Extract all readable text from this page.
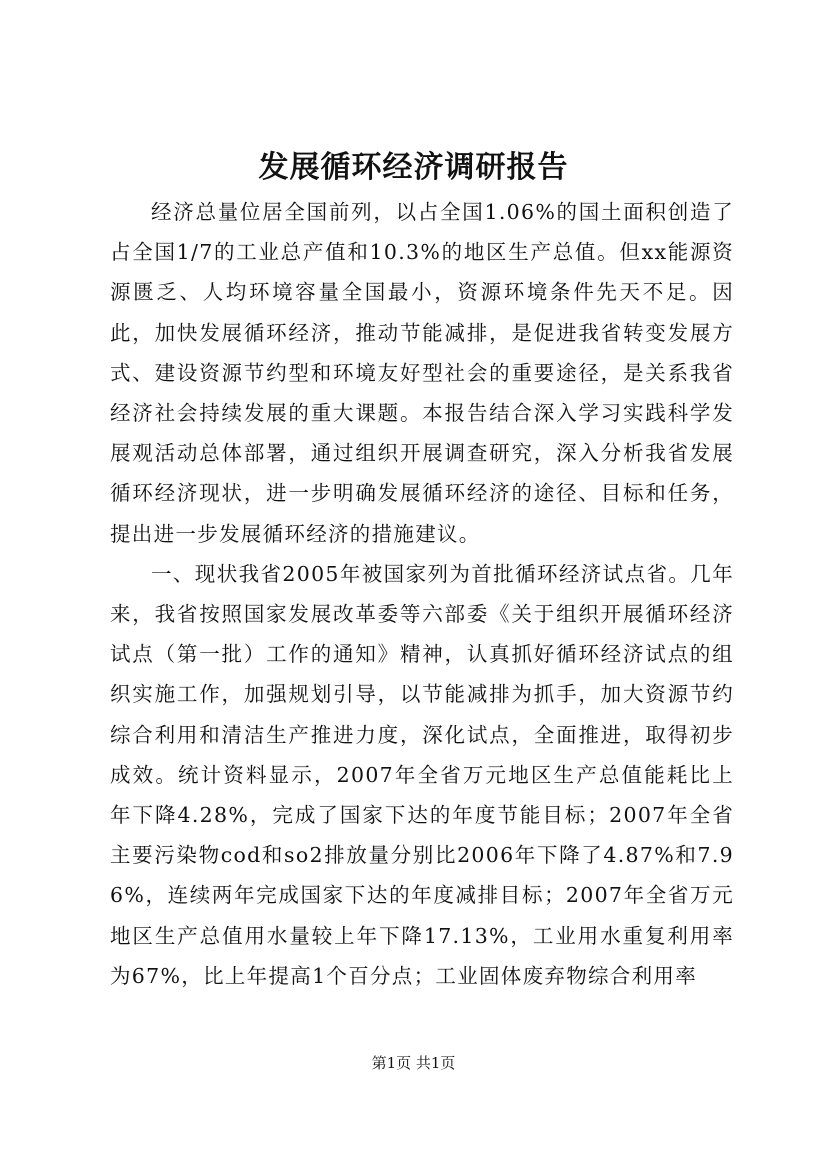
发展循环经济调研报告

经济总量位居全国前列，以占全国1.06%的国土面积创造了占全国1/7的工业总产值和10.3%的地区生产总值。但xx能源资源匮乏、人均环境容量全国最小，资源环境条件先天不足。因此，加快发展循环经济，推动节能减排，是促进我省转变发展方式、建设资源节约型和环境友好型社会的重要途径，是关系我省经济社会持续发展的重大课题。本报告结合深入学习实践科学发展观活动总体部署，通过组织开展调查研究，深入分析我省发展循环经济现状，进一步明确发展循环经济的途径、目标和任务，提出进一步发展循环经济的措施建议。

一、现状我省2005年被国家列为首批循环经济试点省。几年来，我省按照国家发展改革委等六部委《关于组织开展循环经济试点（第一批）工作的通知》精神，认真抓好循环经济试点的组织实施工作，加强规划引导，以节能减排为抓手，加大资源节约综合利用和清洁生产推进力度，深化试点，全面推进，取得初步成效。统计资料显示，2007年全省万元地区生产总值能耗比上年下降4.28%，完成了国家下达的年度节能目标；2007年全省主要污染物cod和so2排放量分别比2006年下降了4.87%和7.96%，连续两年完成国家下达的年度减排目标；2007年全省万元地区生产总值用水量较上年下降17.13%，工业用水重复利用率为67%，比上年提高1个百分点；工业固体废弃物综合利用率

第1页 共1页
